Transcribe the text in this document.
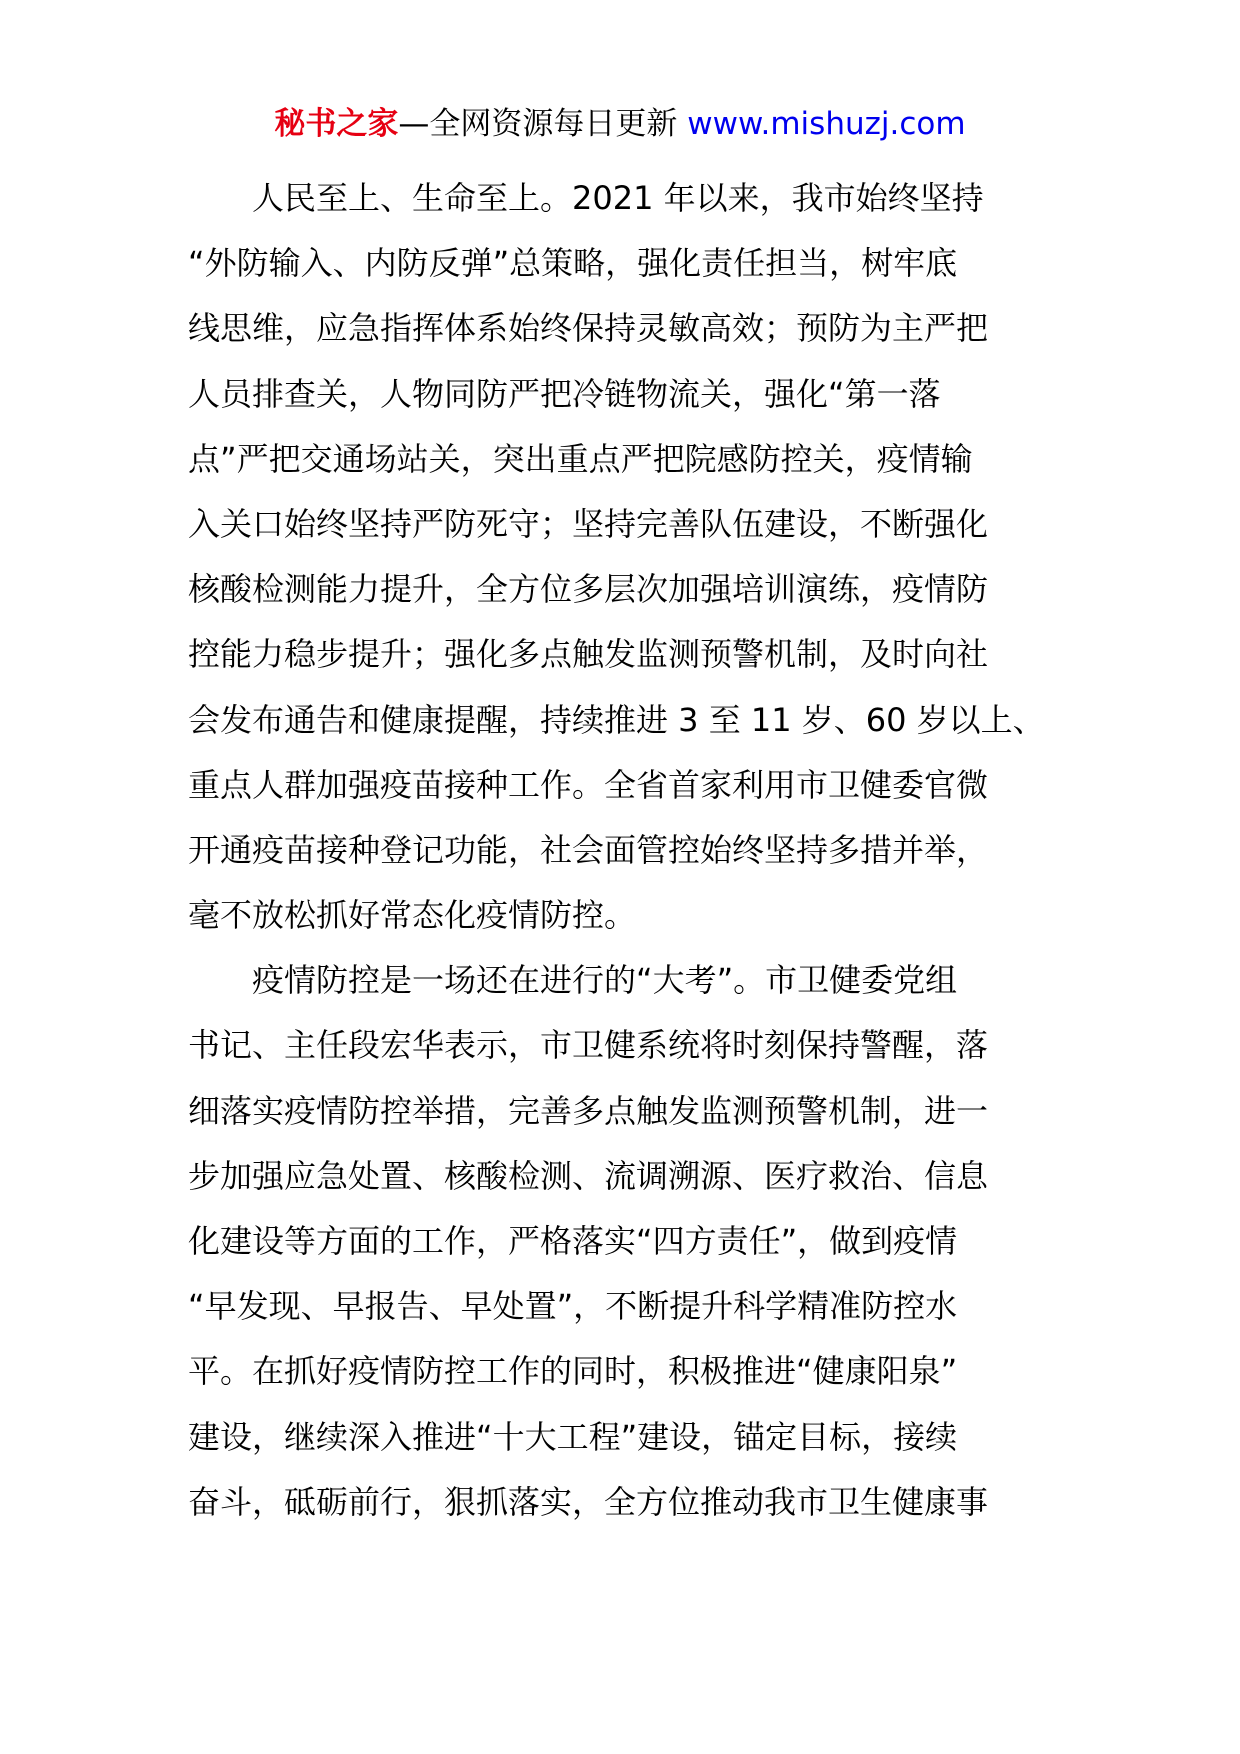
秘书之家—全网资源每日更新 www.mishuzj.com
人民至上、生命至上。2021 年以来，我市始终坚持
“外防输入、内防反弹”总策略，强化责任担当，树牢底
线思维，应急指挥体系始终保持灵敏高效；预防为主严把
人员排查关，人物同防严把冷链物流关，强化“第一落
点”严把交通场站关，突出重点严把院感防控关，疫情输
入关口始终坚持严防死守；坚持完善队伍建设，不断强化
核酸检测能力提升，全方位多层次加强培训演练，疫情防
控能力稳步提升；强化多点触发监测预警机制，及时向社
会发布通告和健康提醒，持续推进 3 至 11 岁、60 岁以上、
重点人群加强疫苗接种工作。全省首家利用市卫健委官微
开通疫苗接种登记功能，社会面管控始终坚持多措并举，
毫不放松抓好常态化疫情防控。
疫情防控是一场还在进行的“大考”。市卫健委党组
书记、主任段宏华表示，市卫健系统将时刻保持警醒，落
细落实疫情防控举措，完善多点触发监测预警机制，进一
步加强应急处置、核酸检测、流调溯源、医疗救治、信息
化建设等方面的工作，严格落实“四方责任”，做到疫情
“早发现、早报告、早处置”，不断提升科学精准防控水
平。在抓好疫情防控工作的同时，积极推进“健康阳泉”
建设，继续深入推进“十大工程”建设，锚定目标，接续
奋斗，砥砺前行，狠抓落实，全方位推动我市卫生健康事
